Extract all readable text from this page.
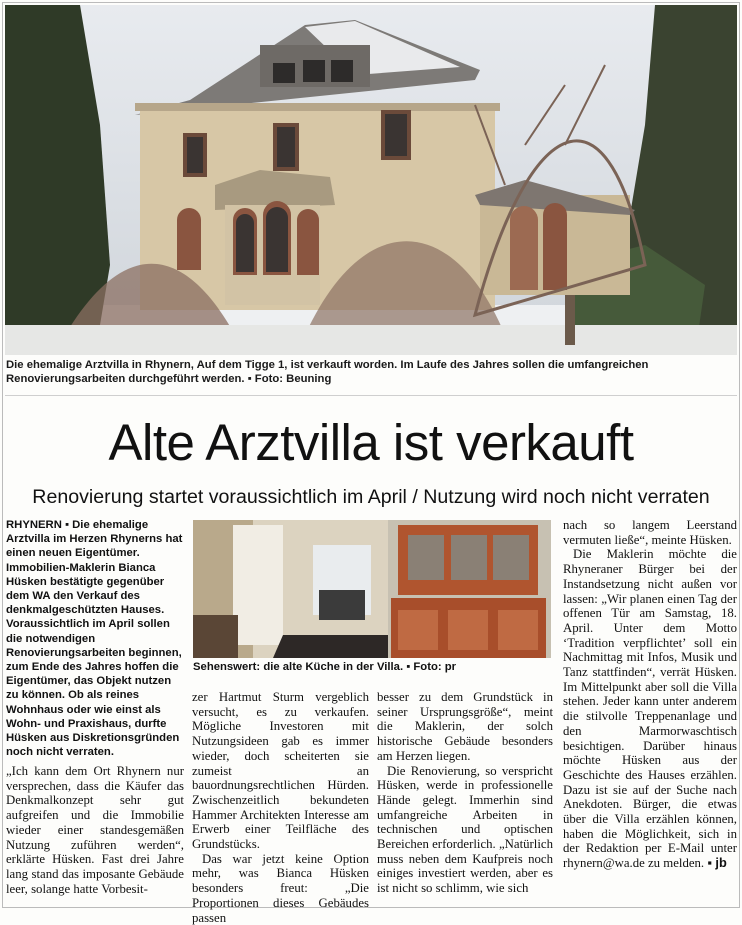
Die ehemalige Arztvilla in Rhynern, Auf dem Tigge 1, ist verkauft worden. Im Laufe des Jahres sollen die umfangreichen Renovierungsarbeiten durchgeführt werden. ▪ Foto: Beuning
Alte Arztvilla ist verkauft
Renovierung startet voraussichtlich im April / Nutzung wird noch nicht verraten
RHYNERN ▪ Die ehemalige Arztvilla im Herzen Rhynerns hat einen neuen Eigentümer. Immobilien-Maklerin Bianca Hüsken bestätigte gegenüber dem WA den Verkauf des denkmalgeschützten Hauses. Voraussichtlich im April sollen die notwendigen Renovierungsarbeiten beginnen, zum Ende des Jahres hoffen die Eigentümer, das Objekt nutzen zu können. Ob als reines Wohnhaus oder wie einst als Wohn- und Praxishaus, durfte Hüsken aus Diskretionsgründen noch nicht verraten.
Sehenswert: die alte Küche in der Villa. ▪ Foto: pr

„Ich kann dem Ort Rhynern nur versprechen, dass die Käufer das Denkmalkonzept sehr gut aufgreifen und die Immobilie wieder einer standesgemäßen Nutzung zuführen werden“, erklärte Hüsken. Fast drei Jahre lang stand das imposante Gebäude leer, solange hatte Vorbesit-

zer Hartmut Sturm vergeblich versucht, es zu verkaufen. Mögliche Investoren mit Nutzungsideen gab es immer wieder, doch scheiterten sie zumeist an bauordnungsrechtlichen Hürden. Zwischenzeitlich bekundeten Hammer Architekten Interesse am Erwerb einer Teilfläche des Grundstücks.

Das war jetzt keine Option mehr, was Bianca Hüsken besonders freut: „Die Proportionen dieses Gebäudes passen

besser zu dem Grundstück in seiner Ursprungsgröße“, meint die Maklerin, der solch historische Gebäude besonders am Herzen liegen.

Die Renovierung, so verspricht Hüsken, werde in professionelle Hände gelegt. Immerhin sind umfangreiche Arbeiten in technischen und optischen Bereichen erforderlich. „Natürlich muss neben dem Kaufpreis noch einiges investiert werden, aber es ist nicht so schlimm, wie sich

nach so langem Leerstand vermuten ließe“, meinte Hüsken.

Die Maklerin möchte die Rhyneraner Bürger bei der Instandsetzung nicht außen vor lassen: „Wir planen einen Tag der offenen Tür am Samstag, 18. April. Unter dem Motto ‘Tradition verpflichtet’ soll ein Nachmittag mit Infos, Musik und Tanz stattfinden“, verrät Hüsken. Im Mittelpunkt aber soll die Villa stehen. Jeder kann unter anderem die stilvolle Treppenanlage und den Marmorwaschtisch besichtigen. Darüber hinaus möchte Hüsken aus der Geschichte des Hauses erzählen. Dazu ist sie auf der Suche nach Anekdoten. Bürger, die etwas über die Villa erzählen können, haben die Möglichkeit, sich in der Redaktion per E-Mail unter rhynern@wa.de zu melden. ▪ jb
